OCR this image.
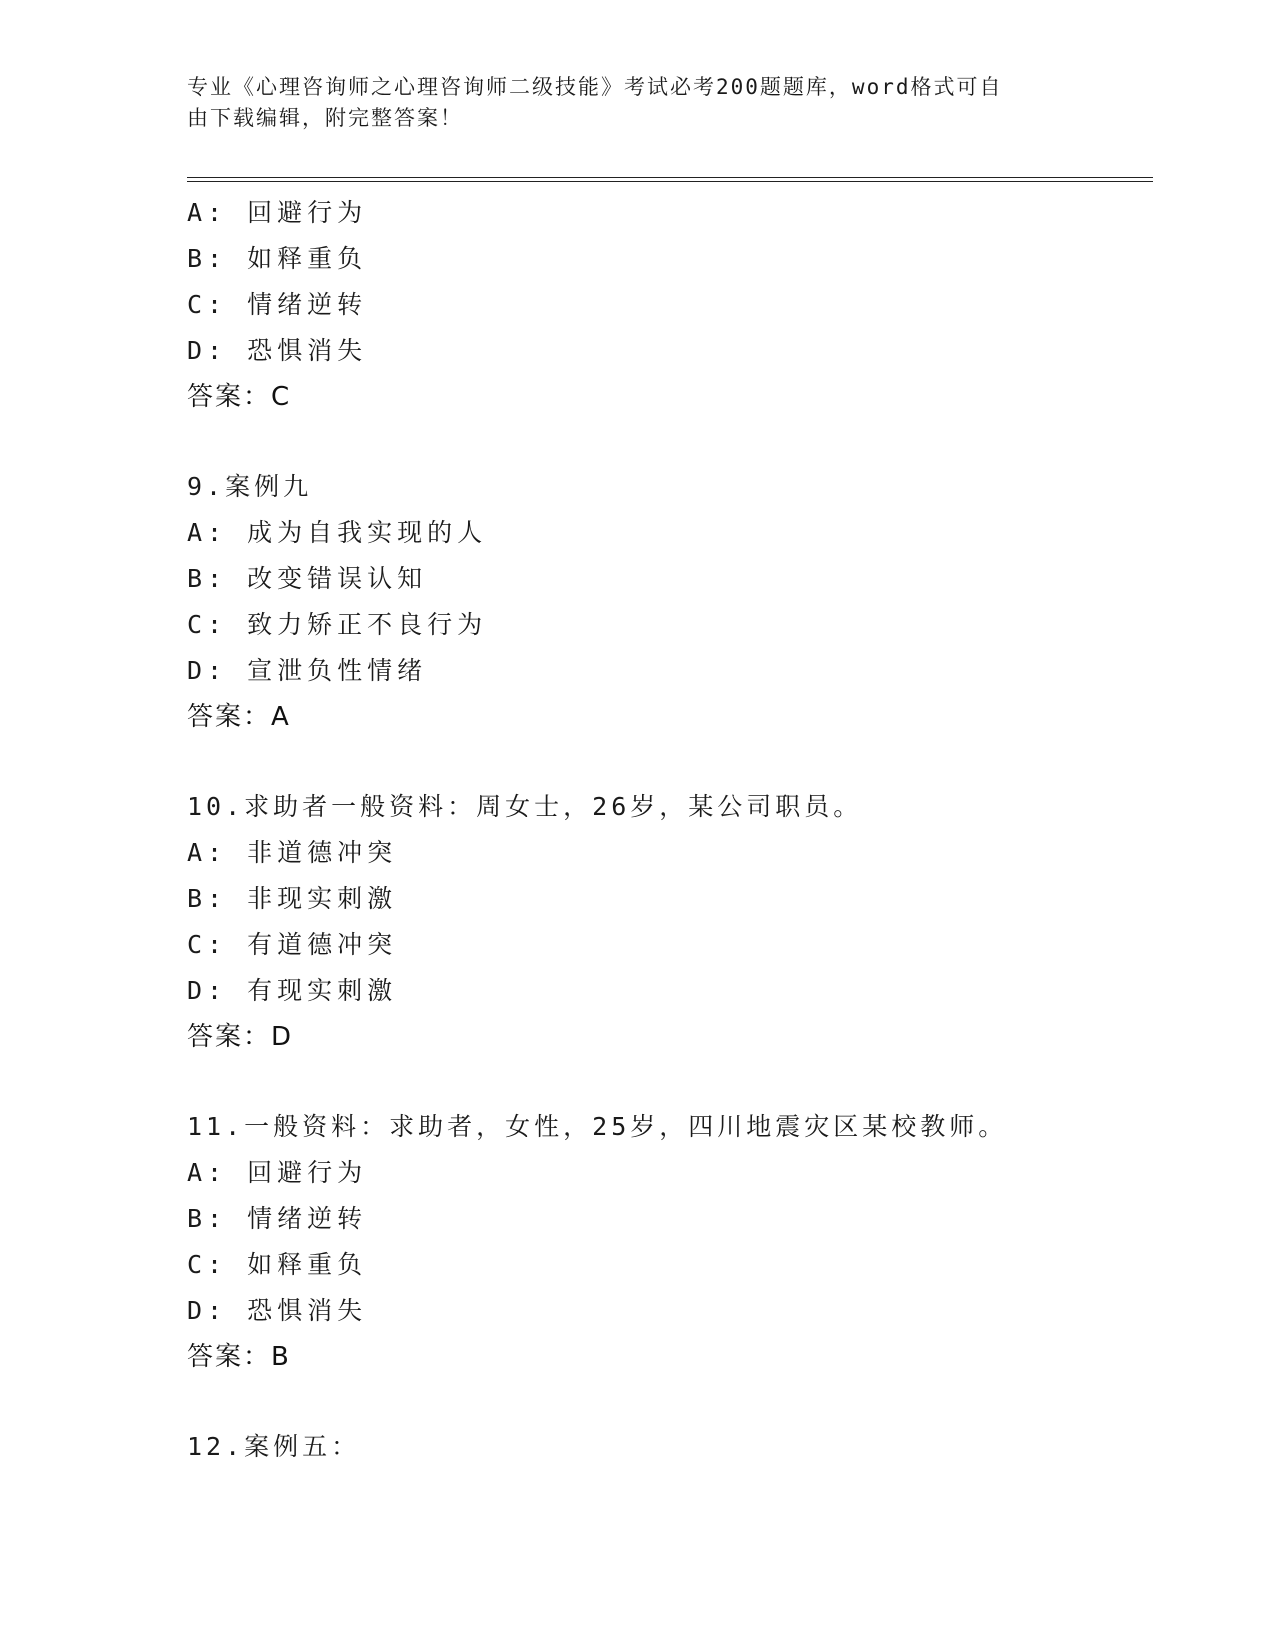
专业《心理咨询师之心理咨询师二级技能》考试必考200题题库，word格式可自
由下载编辑，附完整答案！
A: 回避行为
B: 如释重负
C: 情绪逆转
D: 恐惧消失
答案：C
9.案例九
A: 成为自我实现的人
B: 改变错误认知
C: 致力矫正不良行为
D: 宣泄负性情绪
答案：A
10.求助者一般资料：周女士，26岁，某公司职员。
A: 非道德冲突
B: 非现实刺激
C: 有道德冲突
D: 有现实刺激
答案：D
11.一般资料：求助者，女性，25岁，四川地震灾区某校教师。
A: 回避行为
B: 情绪逆转
C: 如释重负
D: 恐惧消失
答案：B
12.案例五：
